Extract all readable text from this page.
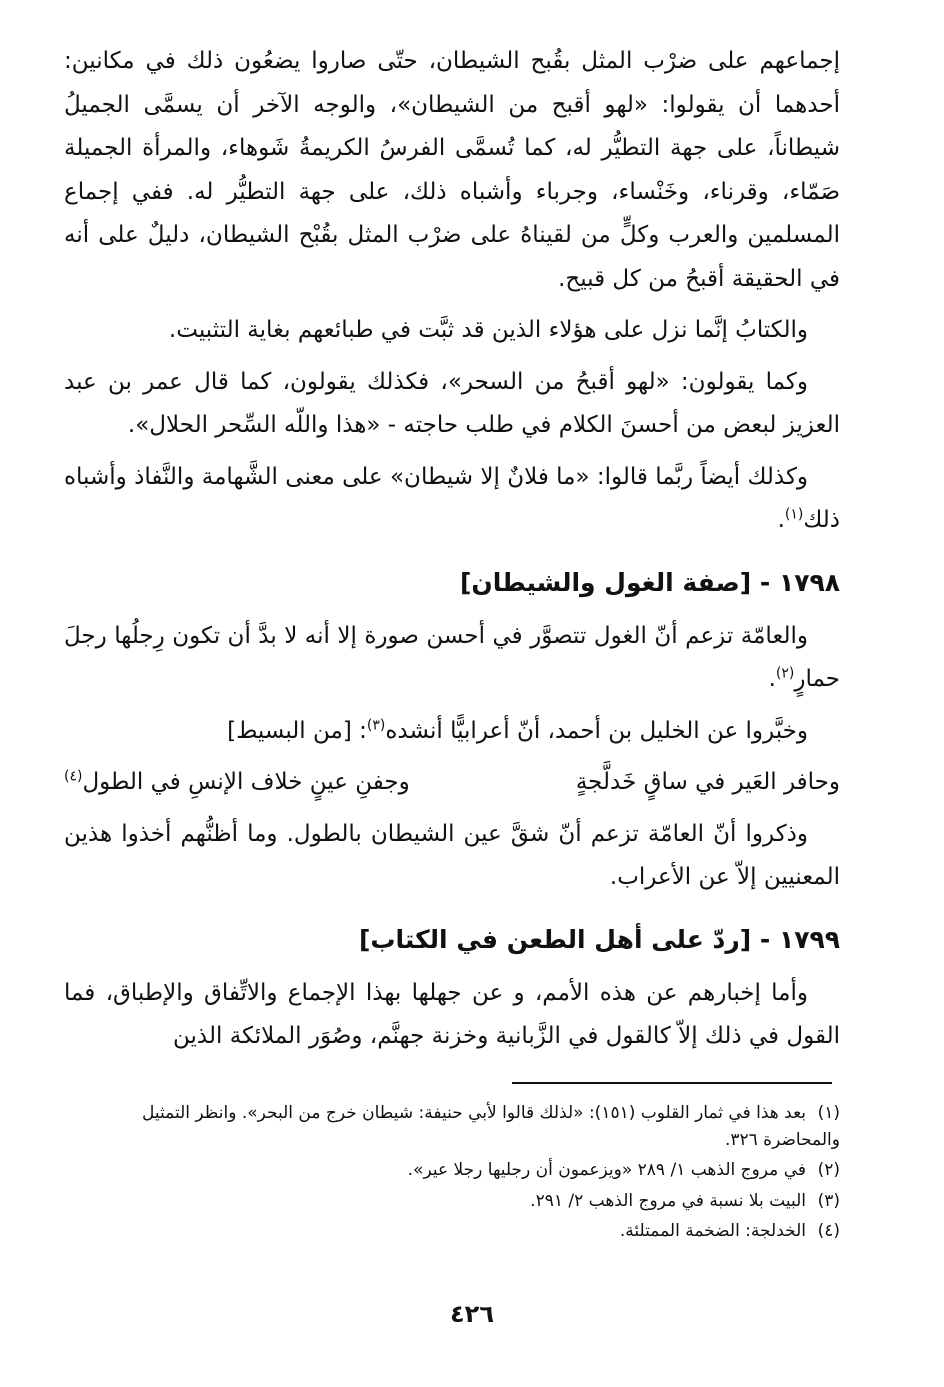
إجماعهم على ضرْب المثل بقُبح الشيطان، حتّى صاروا يضعُون ذلك في مكانين: أحدهما أن يقولوا: «لهو أقبح من الشيطان»، والوجه الآخر أن يسمَّى الجميلُ شيطاناً، على جهة التطيُّر له، كما تُسمَّى الفرسُ الكريمةُ شَوهاء، والمرأة الجميلة صَمّاء، وقرناء، وخَنْساء، وجرباء وأشباه ذلك، على جهة التطيُّر له. ففي إجماع المسلمين والعرب وكلٍّ من لقيناهُ على ضرْب المثل بقُبْح الشيطان، دليلٌ على أنه في الحقيقة أقبحُ من كل قبيح.

والكتابُ إنَّما نزل على هؤلاء الذين قد ثبَّت في طبائعهم بغاية التثبيت.

وكما يقولون: «لهو أقبحُ من السحر»، فكذلك يقولون، كما قال عمر بن عبد العزيز لبعض من أحسنَ الكلام في طلب حاجته - «هذا واللّه السِّحر الحلال».

وكذلك أيضاً ربَّما قالوا: «ما فلانٌ إلا شيطان» على معنى الشَّهامة والنَّفاذ وأشباه ذلك$^{(١)}$.

١٧٩٨ - [صفة الغول والشيطان]

والعامّة تزعم أنّ الغول تتصوَّر في أحسن صورة إلا أنه لا بدَّ أن تكون رِجلُها رجلَ حمارٍ$^{(٢)}$.

وخبَّروا عن الخليل بن أحمد، أنّ أعرابيًّا أنشده$^{(٣)}$: [من البسيط]

وحافر العَير في ساقٍ خَدلَّجةٍ
وجفنِ عينٍ خلاف الإنسِ في الطول$^{(٤)}$

وذكروا أنّ العامّة تزعم أنّ شقَّ عين الشيطان بالطول. وما أظنُّهم أخذوا هذين المعنيين إلاّ عن الأعراب.

١٧٩٩ - [ردّ على أهل الطعن في الكتاب]

وأما إخبارهم عن هذه الأمم، و عن جهلها بهذا الإجماع والاتِّفاق والإطباق، فما القول في ذلك إلاّ كالقول في الزَّبانية وخزنة جهنَّم، وصُوَر الملائكة الذين

(١)بعد هذا في ثمار القلوب (١٥١): «لذلك قالوا لأبي حنيفة: شيطان خرج من البحر». وانظر التمثيل والمحاضرة ٣٢٦.

(٢)في مروج الذهب ١/ ٢٨٩ «ويزعمون أن رجليها رجلا عير».

(٣)البيت بلا نسبة في مروج الذهب ٢/ ٢٩١.

(٤)الخدلجة: الضخمة الممتلئة.

٤٢٦
